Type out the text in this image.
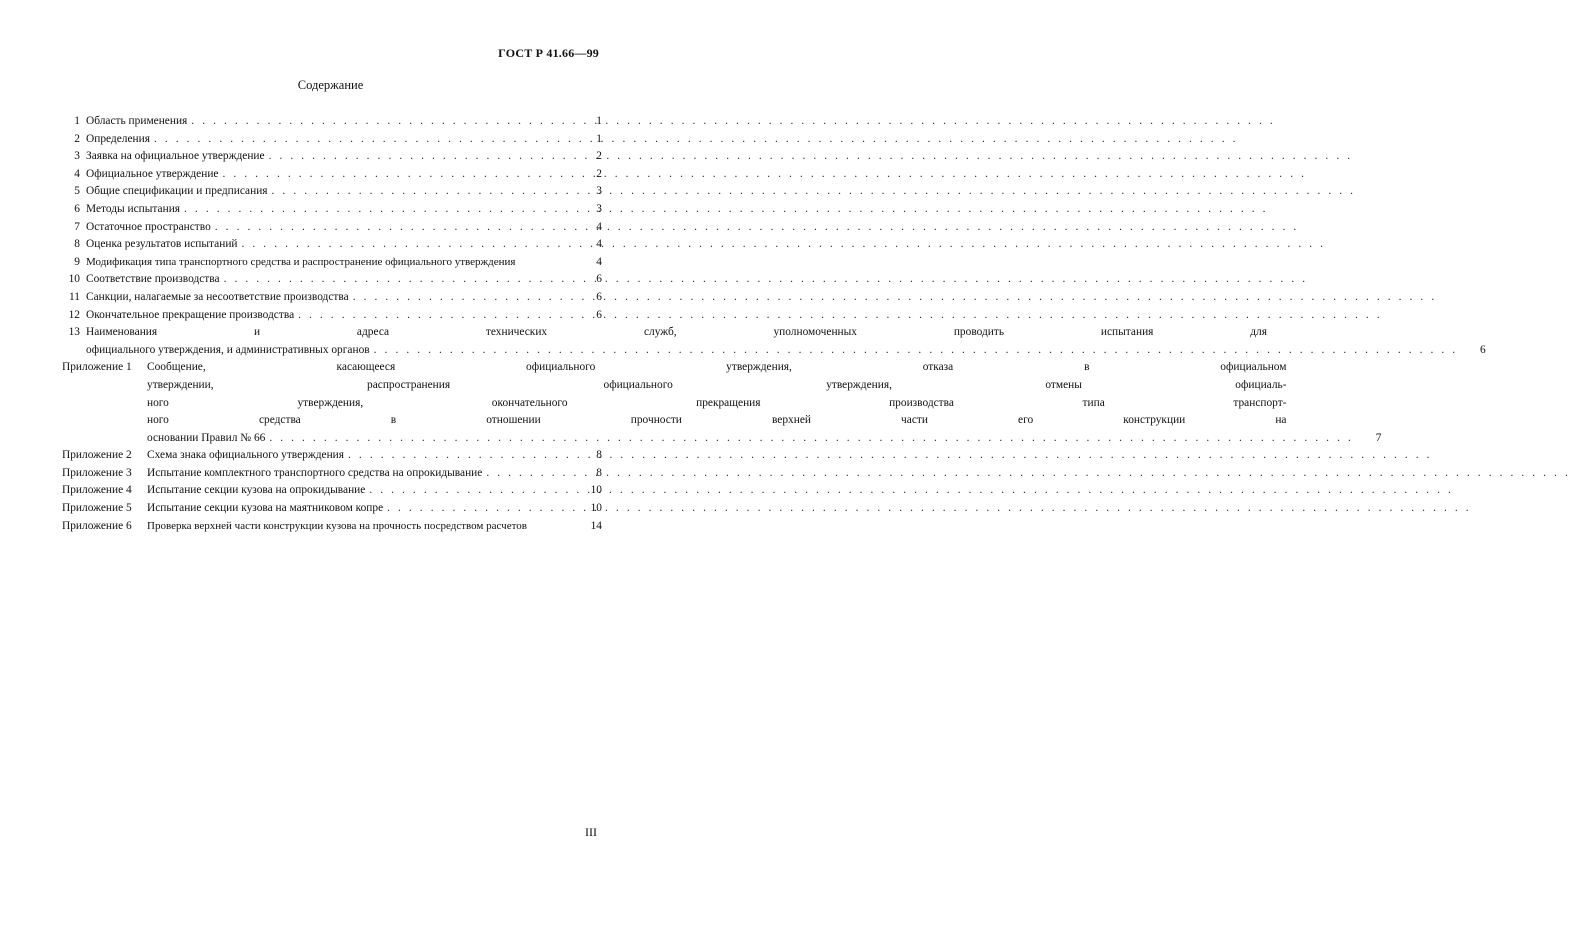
ГОСТ Р 41.66—99
Содержание
1 Область применения . . .	1
2 Определения . . .	1
3 Заявка на официальное утверждение . . .	2
4 Официальное утверждение . . .	2
5 Общие спецификации и предписания . . .	3
6 Методы испытания . . .	3
7 Остаточное пространство . . .	4
8 Оценка результатов испытаний . . .	4
9 Модификация типа транспортного средства и распространение официального утверждения	4
10 Соответствие производства . . .	6
11 Санкции, налагаемые за несоответствие производства . . .	6
12 Окончательное прекращение производства . . .	6
13 Наименования и адреса технических служб, уполномоченных проводить испытания для
официального утверждения, и административных органов . . .	6
Приложение 1	Сообщение, касающееся официального утверждения, отказа в официальном
утверждении, распространения официального утверждения, отмены официаль-
ного утверждения, окончательного прекращения производства типа транспорт-
ного средства в отношении прочности верхней части его конструкции на
основании Правил № 66 . . .	7
Приложение 2	Схема знака официального утверждения . . .	8
Приложение 3	Испытание комплектного транспортного средства на опрокидывание . . .	8
Приложение 4	Испытание секции кузова на опрокидывание . . .	10
Приложение 5	Испытание секции кузова на маятниковом копре . . .	10
Приложение 6	Проверка верхней части конструкции кузова на прочность посредством расчетов	14
III
